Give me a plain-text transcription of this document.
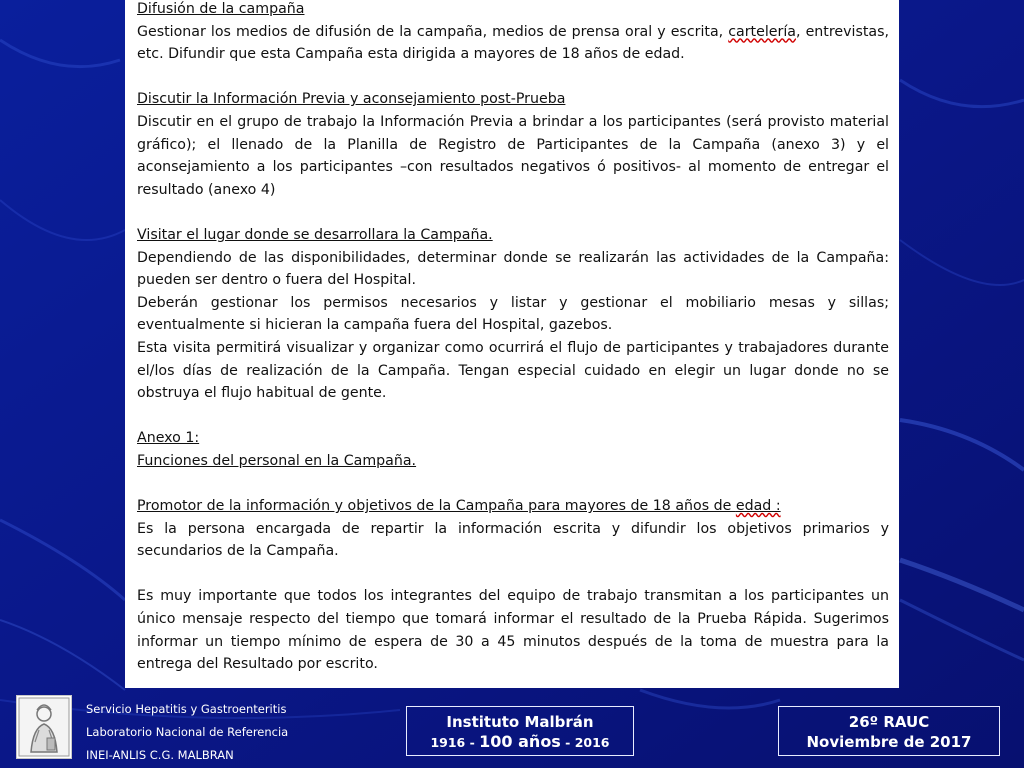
Difusión de la campaña

Gestionar los medios de difusión de la campaña, medios de prensa oral y escrita, cartelería, entrevistas, etc. Difundir que esta Campaña esta dirigida a mayores de 18 años de edad.

Discutir la Información Previa y aconsejamiento post-Prueba

Discutir en el grupo de trabajo la Información Previa a brindar a los participantes (será provisto material gráfico); el llenado de la Planilla de Registro de Participantes de la Campaña (anexo 3) y el aconsejamiento a los participantes –con resultados negativos ó positivos- al momento de entregar el resultado (anexo 4)

Visitar el lugar donde se desarrollara la Campaña.

Dependiendo de las disponibilidades, determinar donde se realizarán las actividades de la Campaña: pueden ser dentro o fuera del Hospital.

Deberán gestionar los permisos necesarios y listar y gestionar el mobiliario mesas y sillas; eventualmente si hicieran la campaña fuera del Hospital, gazebos.

Esta visita permitirá visualizar y organizar como ocurrirá el flujo de participantes y trabajadores durante el/los días de realización de la Campaña. Tengan especial cuidado en elegir un lugar donde no se obstruya el flujo habitual de gente.

Anexo 1:

Funciones del personal en la Campaña.

Promotor de la información y objetivos de la Campaña para mayores de 18 años de edad :

Es la persona encargada de repartir la información escrita y difundir los objetivos primarios y secundarios de la Campaña.

Es muy importante que todos los integrantes del equipo de trabajo transmitan a los participantes un único mensaje respecto del tiempo que tomará informar el resultado de la Prueba Rápida. Sugerimos informar un tiempo mínimo de espera de 30 a 45 minutos después de la toma de muestra para la entrega del Resultado por escrito.

Servicio Hepatitis y Gastroenteritis
Laboratorio Nacional de Referencia
INEI-ANLIS C.G. MALBRAN
Instituto Malbrán
1916 - 100 años - 2016
26º RAUC
Noviembre de 2017
